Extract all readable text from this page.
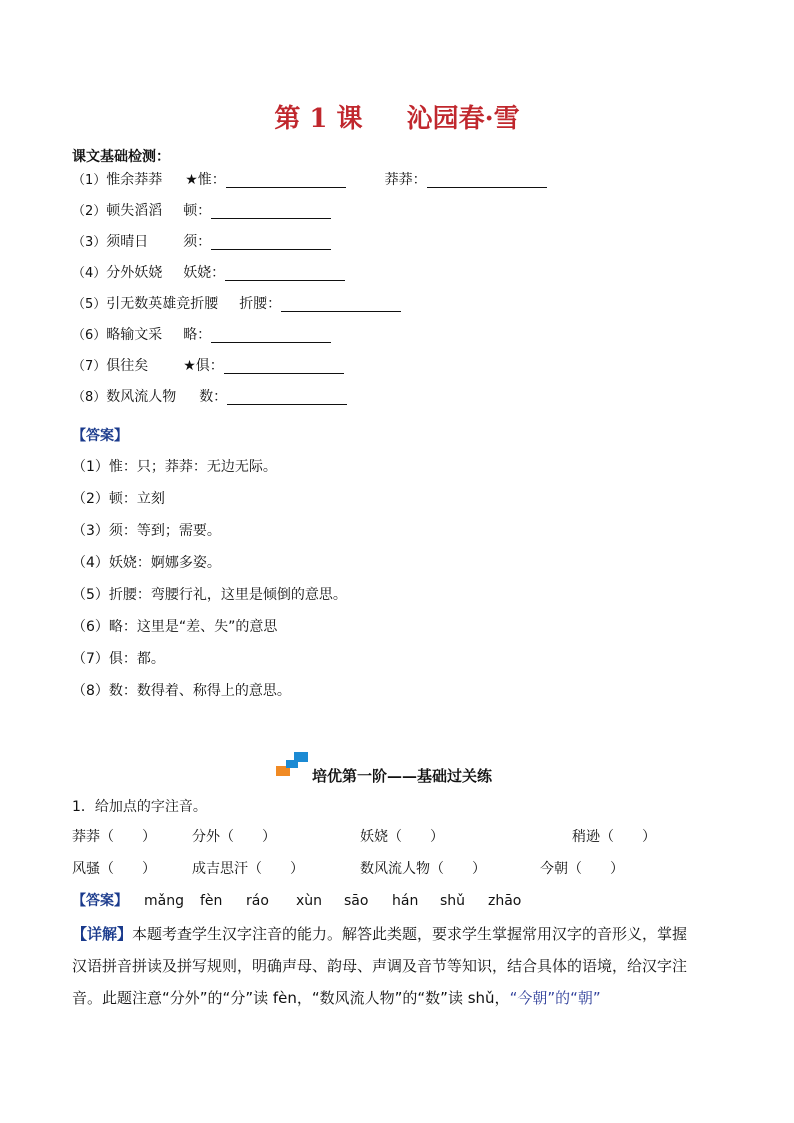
第 1 课 沁园春·雪
课文基础检测：
（1）惟余莽莽 ★惟：	莽莽：
（2）顿失滔滔 顿：
（3）须晴日 须：
（4）分外妖娆 妖娆：
（5）引无数英雄竞折腰 折腰：
（6）略输文采 略：
（7）俱往矣 ★俱：
（8）数风流人物 数：
【答案】
（1）惟：只；莽莽：无边无际。
（2）顿：立刻
（3）须：等到；需要。
（4）妖娆：婀娜多姿。
（5）折腰：弯腰行礼，这里是倾倒的意思。
（6）略：这里是“差、失”的意思
（7）俱：都。
（8）数：数得着、称得上的意思。
培优第一阶——基础过关练
1．给加点的字注音。
莽莽（　　）	分外（　　）	妖娆（　　）	稍逊（　　）
风骚（　　）	成吉思汗（　　）	数风流人物（　　）	今朝（　　）
【答案】 mǎng fèn ráo xùn sāo hán shǔ zhāo
【详解】本题考查学生汉字注音的能力。解答此类题，要求学生掌握常用汉字的音形义，掌握
汉语拼音拼读及拼写规则，明确声母、韵母、声调及音节等知识，结合具体的语境，给汉字注
音。此题注意“分外”的“分”读 fèn，“数风流人物”的“数”读 shǔ，“今朝”的“朝”
